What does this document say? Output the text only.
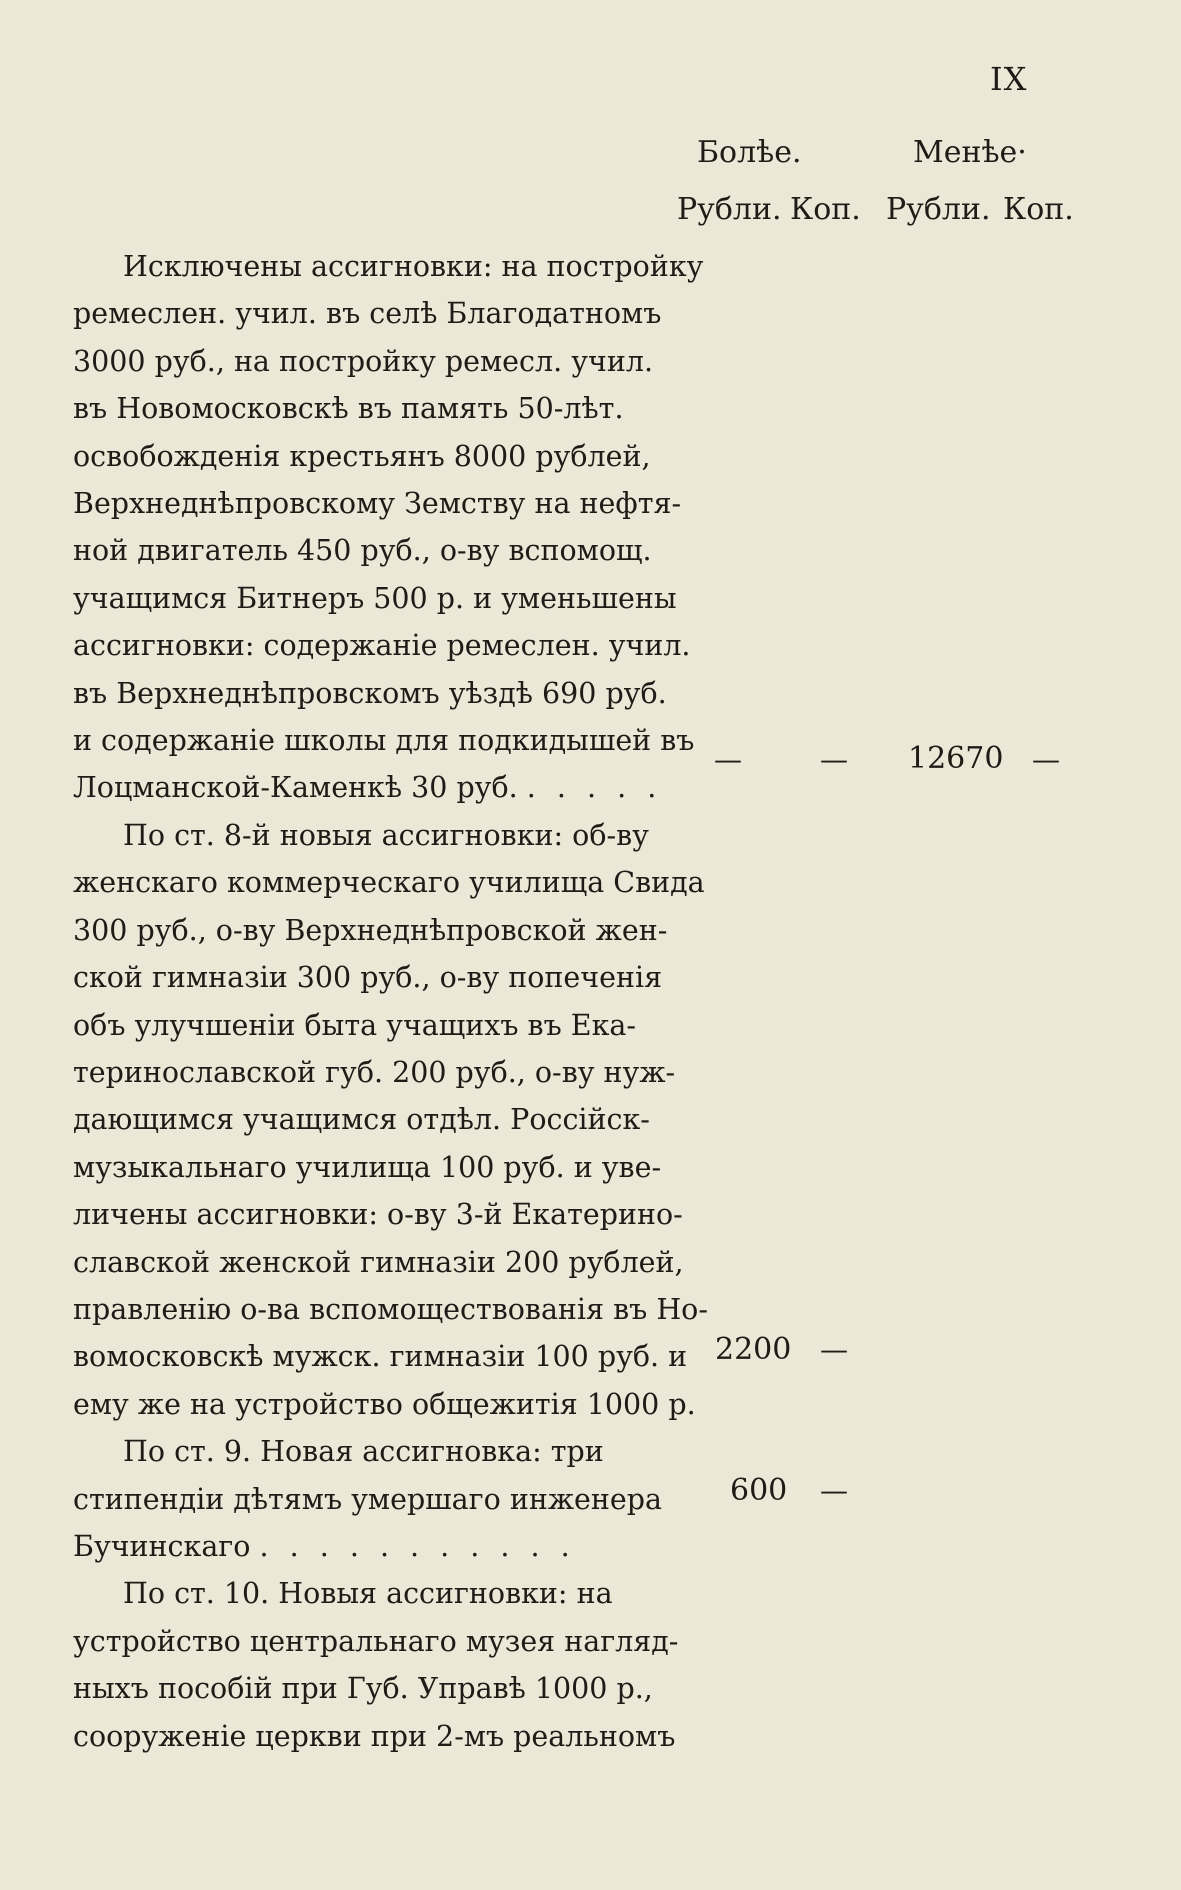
IX
Болѣе.	Менѣе·
Рубли. Коп. Рубли. Коп.
Исключены ассигновки: на постройку
ремеслен. учил. въ селѣ Благодатномъ
3000 руб., на постройку ремесл. учил.
въ Новомосковскѣ въ память 50-лѣт.
освобожденія крестьянъ 8000 рублей,
Верхнеднѣпровскому Земству на нефтя-
ной двигатель 450 руб., о-ву вспомощ.
учащимся Битнеръ 500 р. и уменьшены
ассигновки: содержаніе ремеслен. учил.
въ Верхнеднѣпровскомъ уѣздѣ 690 руб.
и содержаніе школы для подкидышей въ
Лоцманской-Каменкѣ 30 руб. . . . . .
По ст. 8-й новыя ассигновки: об-ву
женскаго коммерческаго училища Свида
300 руб., о-ву Верхнеднѣпровской жен-
ской гимназіи 300 руб., о-ву попеченія
объ улучшеніи быта учащихъ въ Ека-
теринославской губ. 200 руб., о-ву нуж-
дающимся учащимся отдѣл. Россійск-
музыкальнаго училища 100 руб. и уве-
личены ассигновки: о-ву 3-й Екатерино-
славской женской гимназіи 200 рублей,
правленію о-ва вспомоществованія въ Но-
вомосковскѣ мужск. гимназіи 100 руб. и
ему же на устройство общежитія 1000 р.
По ст. 9. Новая ассигновка: три
стипендіи дѣтямъ умершаго инженера
Бучинскаго . . . . . . . . . . .
По ст. 10. Новыя ассигновки: на
устройство центральнаго музея нагляд-
ныхъ пособій при Губ. Управѣ 1000 р.,
сооруженіе церкви при 2-мъ реальномъ
—	— 12670 —
2200 —
600 —
